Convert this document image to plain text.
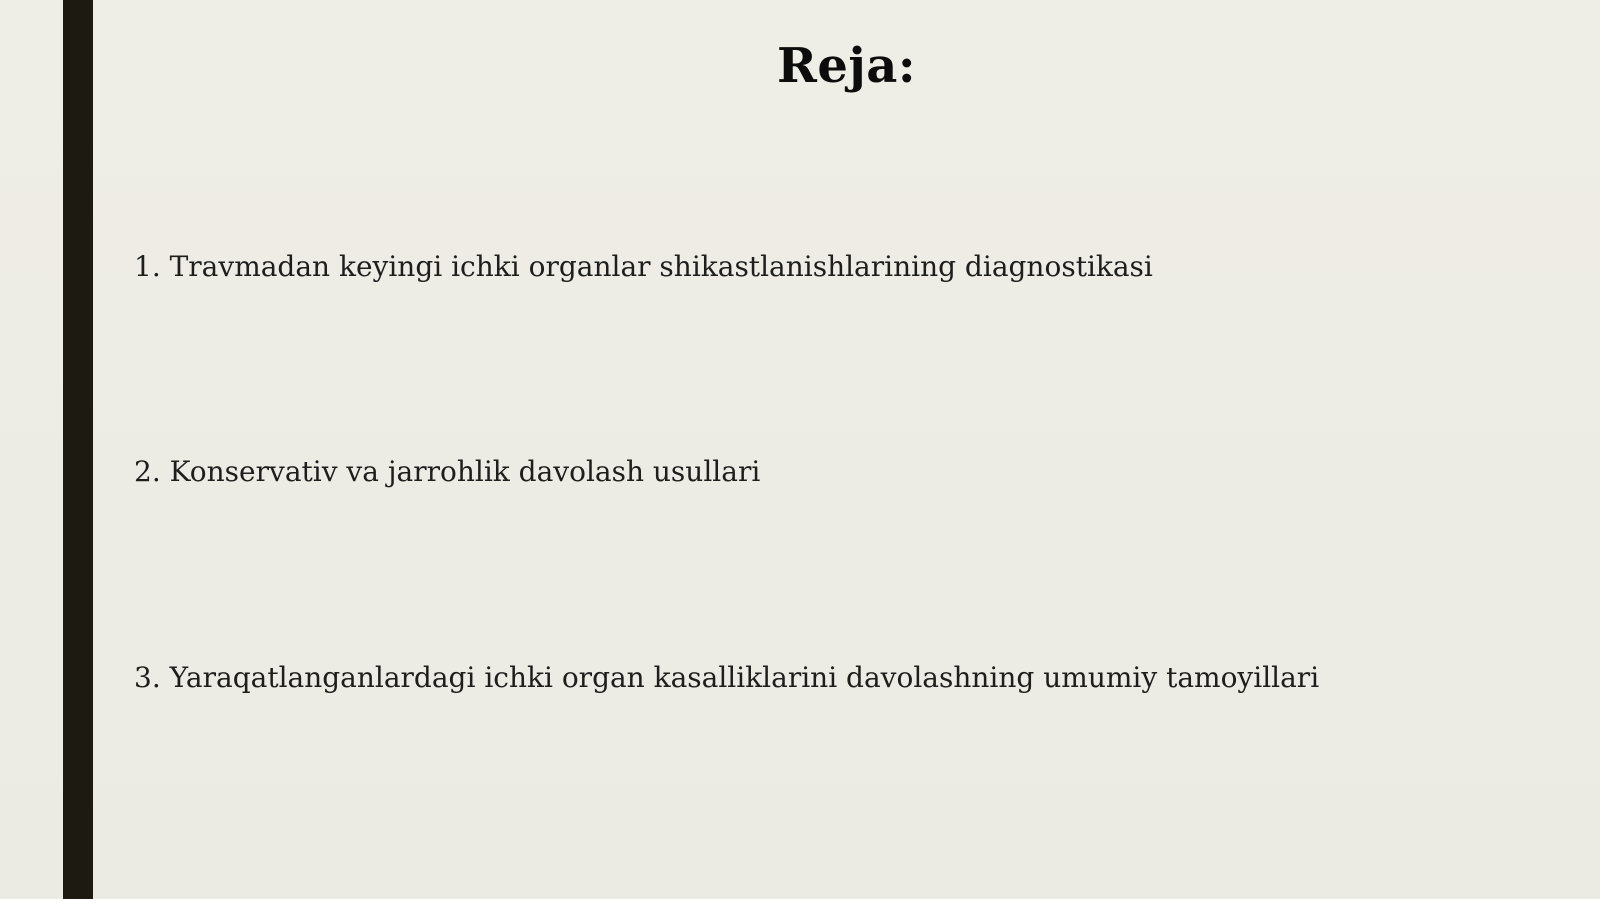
Reja:
1. Travmadan keyingi ichki organlar shikastlanishlarining diagnostikasi
2. Konservativ va jarrohlik davolash usullari
3. Yaraqatlanganlardagi ichki organ kasalliklarini davolashning umumiy tamoyillari
